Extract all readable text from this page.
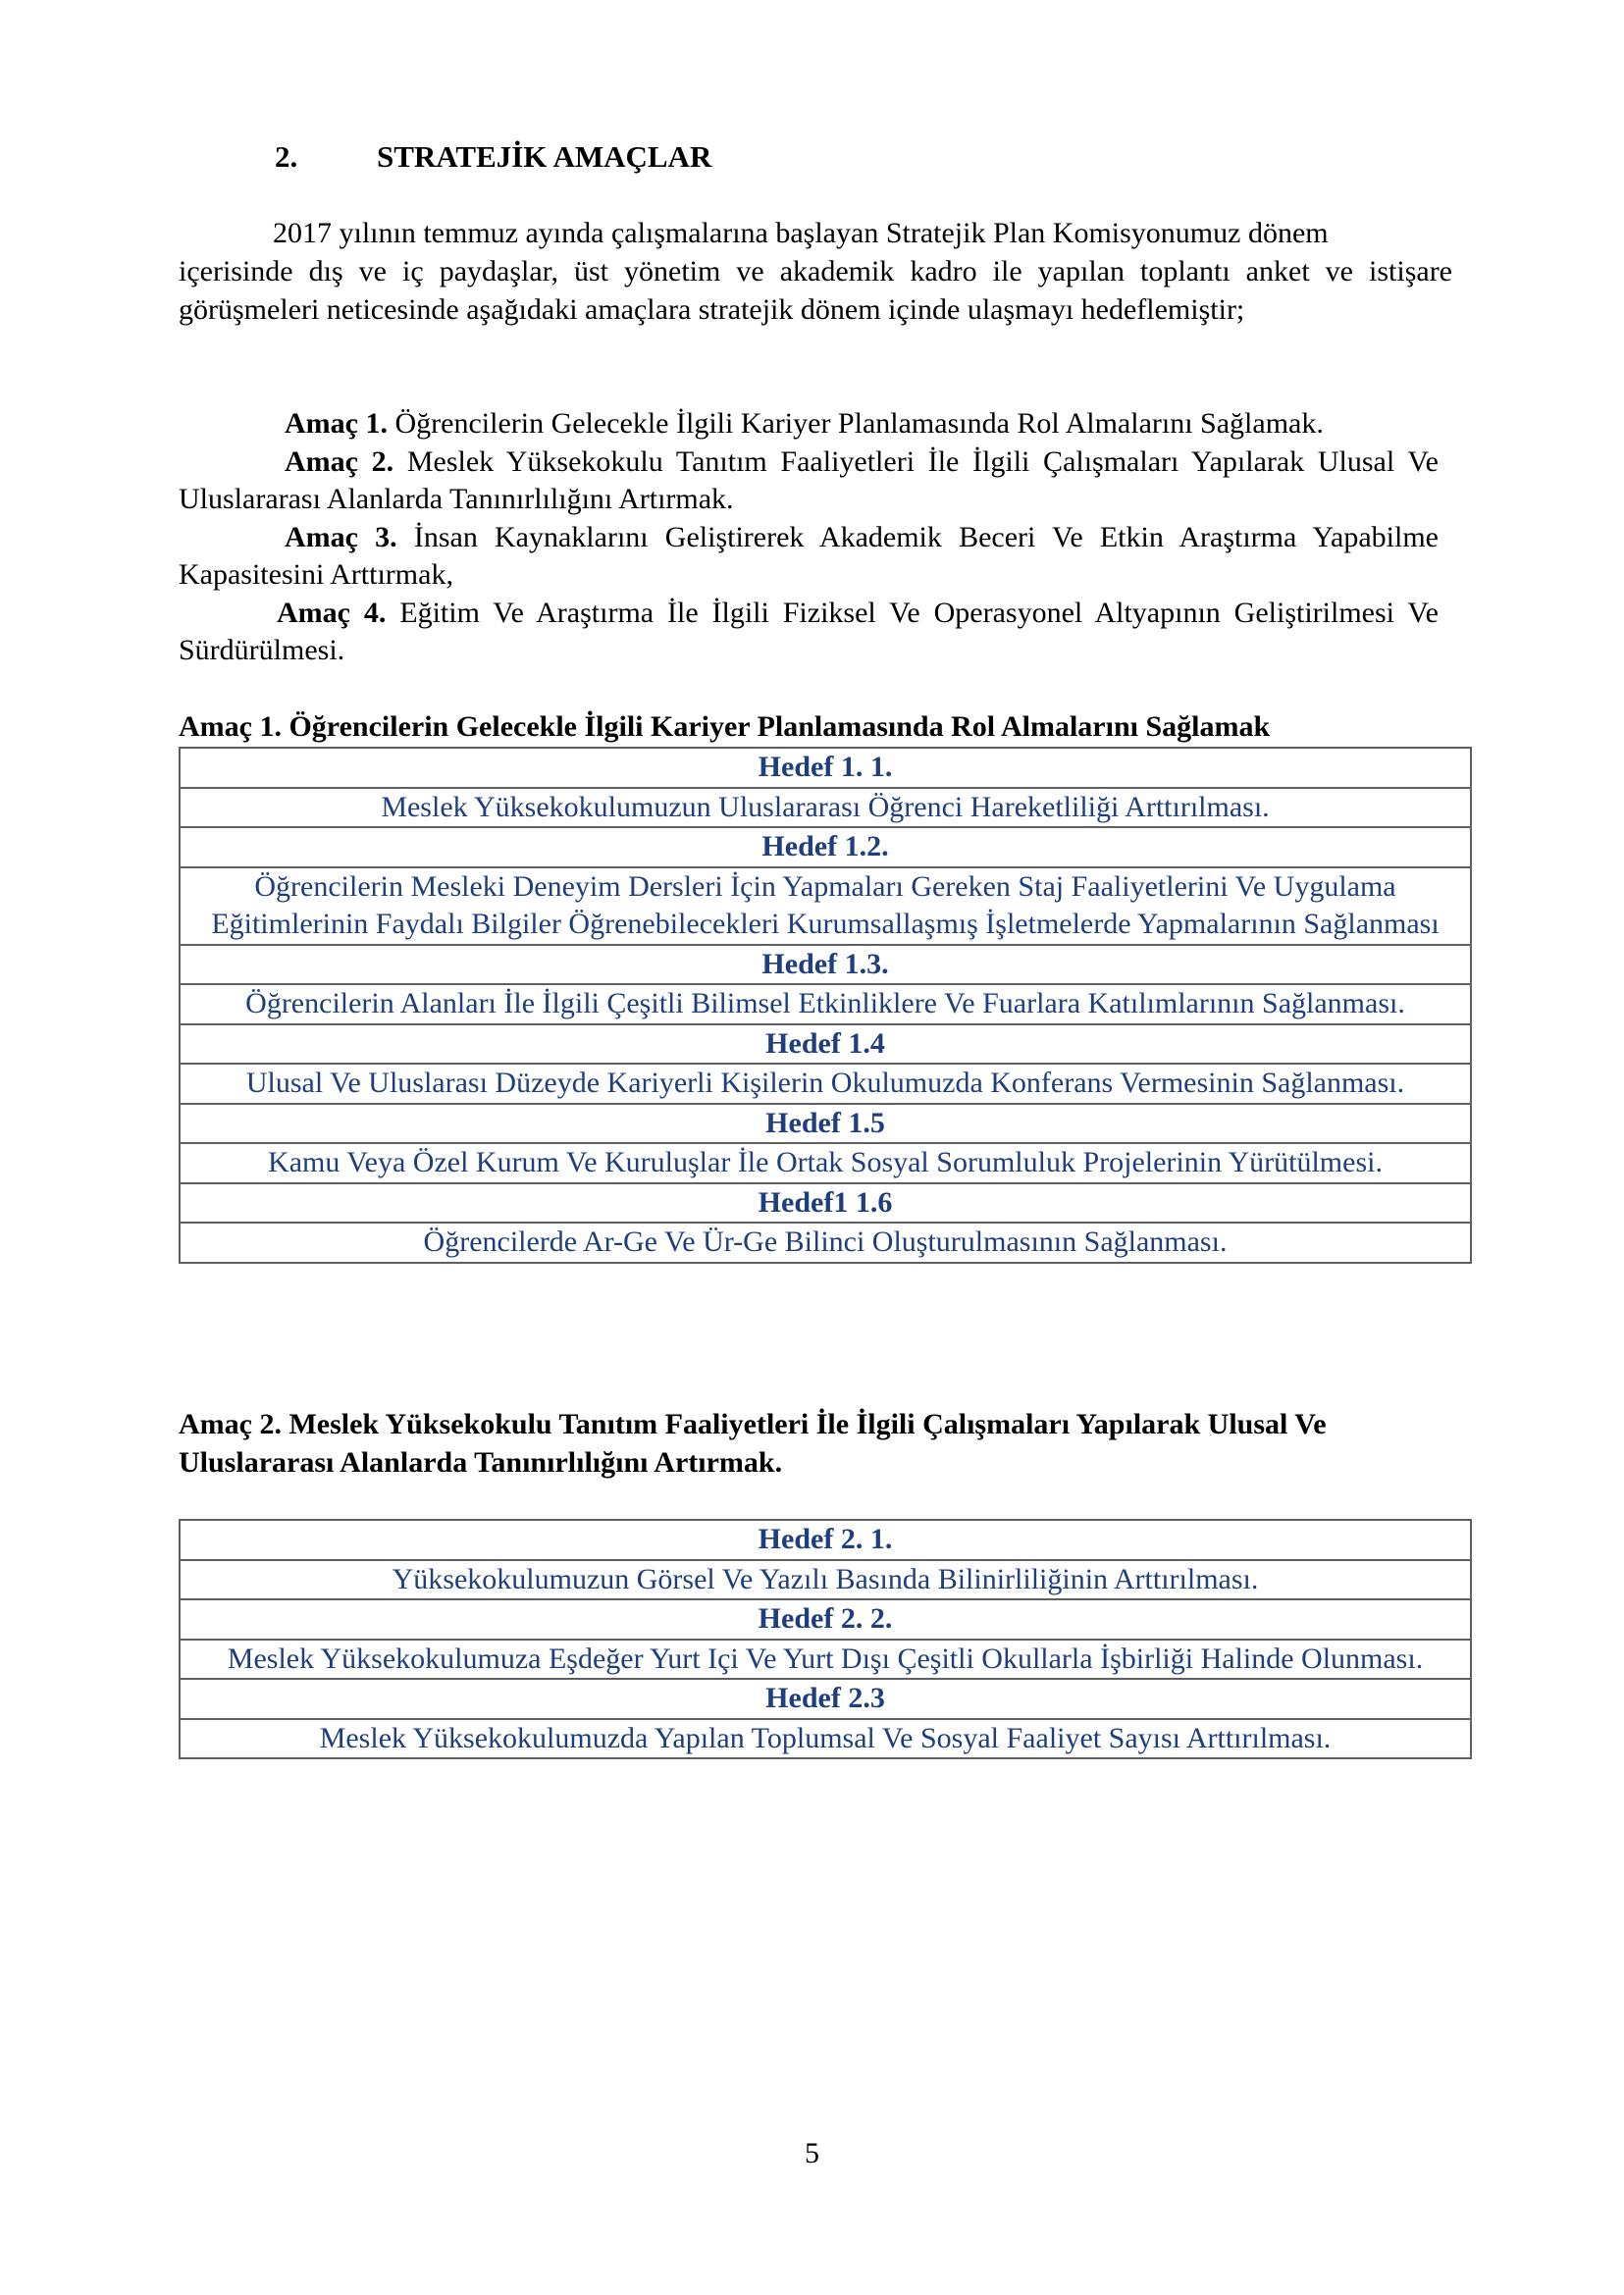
2.	STRATEJİK AMAÇLAR

2017 yılının temmuz ayında çalışmalarına başlayan Stratejik Plan Komisyonumuz dönem
içerisinde dış ve iç paydaşlar, üst yönetim ve akademik kadro ile yapılan toplantı anket ve istişare görüşmeleri neticesinde aşağıdaki amaçlara stratejik dönem içinde ulaşmayı hedeflemiştir;

Amaç 1. Öğrencilerin Gelecekle İlgili Kariyer Planlamasında Rol Almalarını Sağlamak.

Amaç 2. Meslek Yüksekokulu Tanıtım Faaliyetleri İle İlgili Çalışmaları Yapılarak Ulusal Ve Uluslararası Alanlarda Tanınırlılığını Artırmak.

Amaç 3. İnsan Kaynaklarını Geliştirerek Akademik Beceri Ve Etkin Araştırma Yapabilme Kapasitesini Arttırmak,

Amaç 4. Eğitim Ve Araştırma İle İlgili Fiziksel Ve Operasyonel Altyapının Geliştirilmesi Ve Sürdürülmesi.

Amaç 1. Öğrencilerin Gelecekle İlgili Kariyer Planlamasında Rol Almalarını Sağlamak

Hedef 1. 1.
Meslek Yüksekokulumuzun Uluslararası Öğrenci Hareketliliği Arttırılması.
Hedef 1.2.
Öğrencilerin Mesleki Deneyim Dersleri İçin Yapmaları Gereken Staj Faaliyetlerini Ve Uygulama Eğitimlerinin Faydalı Bilgiler Öğrenebilecekleri Kurumsallaşmış İşletmelerde Yapmalarının Sağlanması
Hedef 1.3.
Öğrencilerin Alanları İle İlgili Çeşitli Bilimsel Etkinliklere Ve Fuarlara Katılımlarının Sağlanması.
Hedef 1.4
Ulusal Ve Uluslarası Düzeyde Kariyerli Kişilerin Okulumuzda Konferans Vermesinin Sağlanması.
Hedef 1.5
Kamu Veya Özel Kurum Ve Kuruluşlar İle Ortak Sosyal Sorumluluk Projelerinin Yürütülmesi.
Hedef1 1.6
Öğrencilerde Ar-Ge Ve Ür-Ge Bilinci Oluşturulmasının Sağlanması.

Amaç 2. Meslek Yüksekokulu Tanıtım Faaliyetleri İle İlgili Çalışmaları Yapılarak Ulusal Ve Uluslararası Alanlarda Tanınırlılığını Artırmak.

Hedef 2. 1.
Yüksekokulumuzun Görsel Ve Yazılı Basında Bilinirliliğinin Arttırılması.
Hedef 2. 2.
Meslek Yüksekokulumuza Eşdeğer Yurt Içi Ve Yurt Dışı Çeşitli Okullarla İşbirliği Halinde Olunması.
Hedef 2.3
Meslek Yüksekokulumuzda Yapılan Toplumsal Ve Sosyal Faaliyet Sayısı Arttırılması.
5
